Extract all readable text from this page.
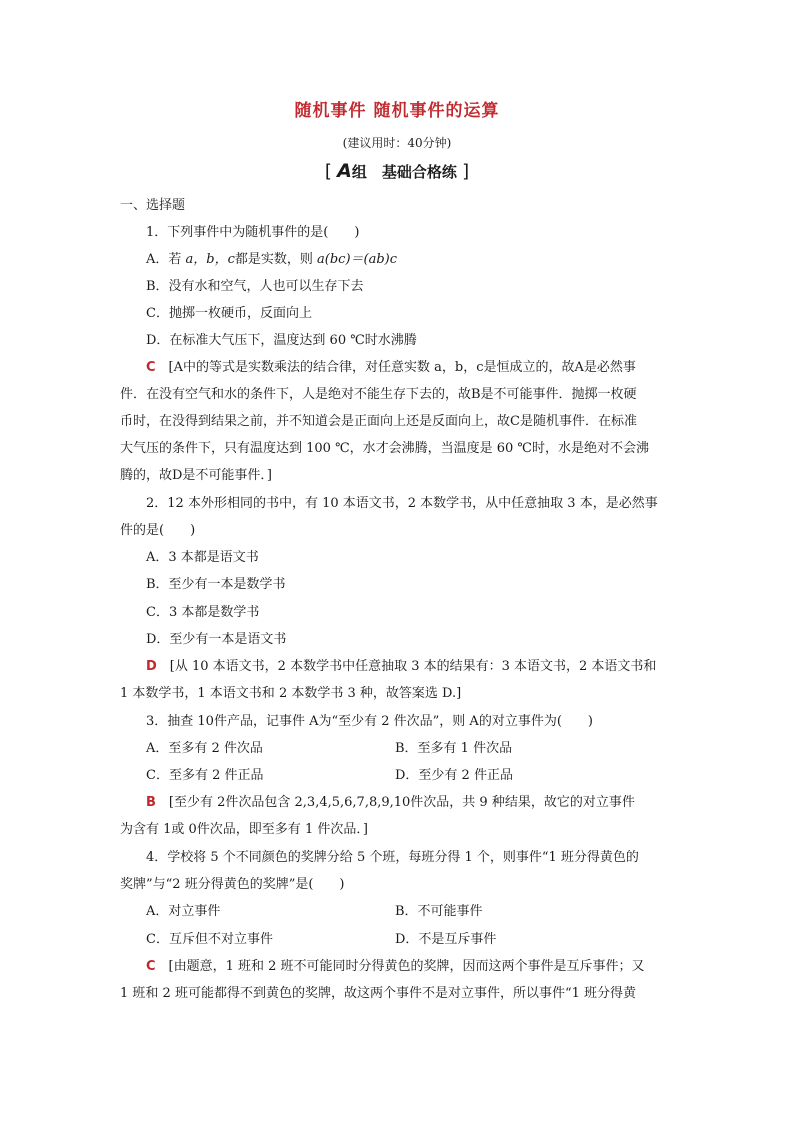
随机事件 随机事件的运算
(建议用时：40分钟)
[ A组　基础合格练 ]
一、选择题
1．下列事件中为随机事件的是(　　)
A．若 a，b，c都是实数，则 a(bc)＝(ab)c
B．没有水和空气，人也可以生存下去
C．抛掷一枚硬币，反面向上
D．在标准大气压下，温度达到 60 ℃时水沸腾
C　[A中的等式是实数乘法的结合律，对任意实数 a，b，c是恒成立的，故A是必然事
件．在没有空气和水的条件下，人是绝对不能生存下去的，故B是不可能事件．抛掷一枚硬
币时，在没得到结果之前，并不知道会是正面向上还是反面向上，故C是随机事件．在标准
大气压的条件下，只有温度达到 100 ℃，水才会沸腾，当温度是 60 ℃时，水是绝对不会沸
腾的，故D是不可能事件．]
2．12 本外形相同的书中，有 10 本语文书，2 本数学书，从中任意抽取 3 本，是必然事
件的是(　　)
A．3 本都是语文书
B．至少有一本是数学书
C．3 本都是数学书
D．至少有一本是语文书
D　[从 10 本语文书，2 本数学书中任意抽取 3 本的结果有：3 本语文书，2 本语文书和
1 本数学书，1 本语文书和 2 本数学书 3 种，故答案选 D.]
3．抽查 10件产品，记事件 A为“至少有 2 件次品”，则 A的对立事件为(　　)
A．至多有 2 件次品	B．至多有 1 件次品
C．至多有 2 件正品	D．至少有 2 件正品
B　[至少有 2件次品包含 2,3,4,5,6,7,8,9,10件次品，共 9 种结果，故它的对立事件
为含有 1或 0件次品，即至多有 1 件次品．]
4．学校将 5 个不同颜色的奖牌分给 5 个班，每班分得 1 个，则事件“1 班分得黄色的
奖牌”与“2 班分得黄色的奖牌”是(　　)
A．对立事件	B．不可能事件
C．互斥但不对立事件	D．不是互斥事件
C　[由题意，1 班和 2 班不可能同时分得黄色的奖牌，因而这两个事件是互斥事件；又
1 班和 2 班可能都得不到黄色的奖牌，故这两个事件不是对立事件，所以事件“1 班分得黄
